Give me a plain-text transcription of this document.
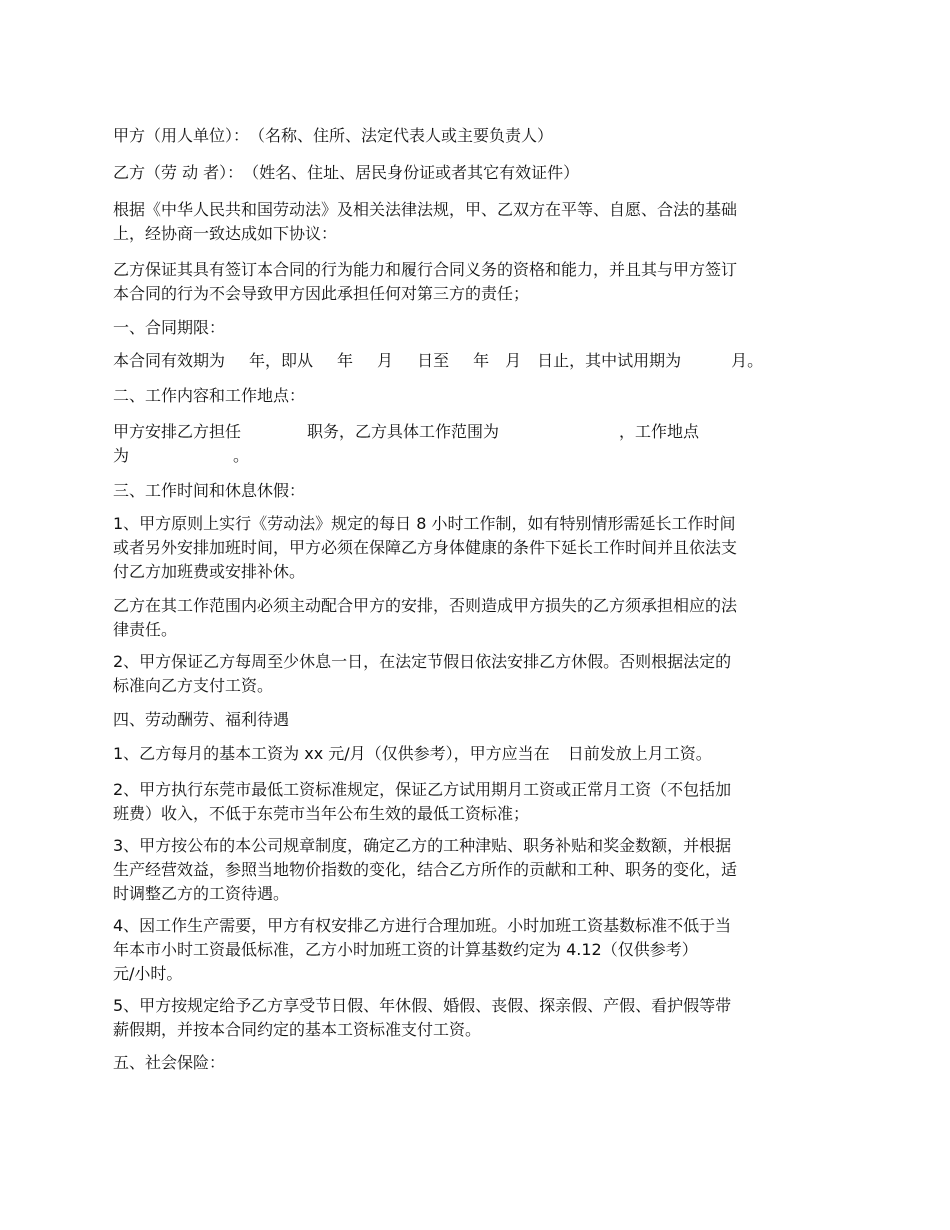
甲方（用人单位）：　（名称、住所、法定代表人或主要负责人）
乙方（劳 动 者）：　（姓名、住址、居民身份证或者其它有效证件）
根据《中华人民共和国劳动法》及相关法律法规，甲、乙双方在平等、自愿、合法的基础
上，经协商一致达成如下协议：
乙方保证其具有签订本合同的行为能力和履行合同义务的资格和能力，并且其与甲方签订
本合同的行为不会导致甲方因此承担任何对第三方的责任；
一、合同期限：
本合同有效期为 年，即从 年 月 日至 年 月 日止，其中试用期为	月。
二、工作内容和工作地点：
甲方安排乙方担任	职务，乙方具体工作范围为	，工作地点
为	。
三、工作时间和休息休假：
1、甲方原则上实行《劳动法》规定的每日 8 小时工作制，如有特别情形需延长工作时间
或者另外安排加班时间，甲方必须在保障乙方身体健康的条件下延长工作时间并且依法支
付乙方加班费或安排补休。
乙方在其工作范围内必须主动配合甲方的安排，否则造成甲方损失的乙方须承担相应的法
律责任。
2、甲方保证乙方每周至少休息一日，在法定节假日依法安排乙方休假。否则根据法定的
标准向乙方支付工资。
四、劳动酬劳、福利待遇
1、乙方每月的基本工资为 xx 元/月（仅供参考），甲方应当在 日前发放上月工资。
2、甲方执行东莞市最低工资标准规定，保证乙方试用期月工资或正常月工资（不包括加
班费）收入，不低于东莞市当年公布生效的最低工资标准；
3、甲方按公布的本公司规章制度，确定乙方的工种津贴、职务补贴和奖金数额，并根据
生产经营效益，参照当地物价指数的变化，结合乙方所作的贡献和工种、职务的变化，适
时调整乙方的工资待遇。
4、因工作生产需要，甲方有权安排乙方进行合理加班。小时加班工资基数标准不低于当
年本市小时工资最低标准，乙方小时加班工资的计算基数约定为 4.12（仅供参考）
元/小时。
5、甲方按规定给予乙方享受节日假、年休假、婚假、丧假、探亲假、产假、看护假等带
薪假期，并按本合同约定的基本工资标准支付工资。
五、社会保险：
